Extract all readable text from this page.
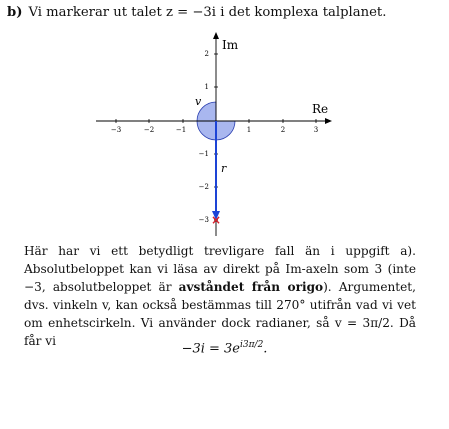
b) Vi markerar ut talet z = −3i i det komplexa talplanet.
×
Im
Re
v
r
−3	−2	−1	1	2	3
2
1
−1
−2
−3

Här har vi ett betydligt trevligare fall än i uppgift a). Absolutbeloppet kan vi läsa av direkt på Im-axeln som 3 (inte −3, absolutbeloppet är avståndet från origo). Argumentet, dvs. vinkeln v, kan också bestämmas till 270° utifrån vad vi vet om enhetscirkeln. Vi använder dock radianer, så v = 3π/2. Då får vi

$-3i = 3e^{i3\pi/2}$.
